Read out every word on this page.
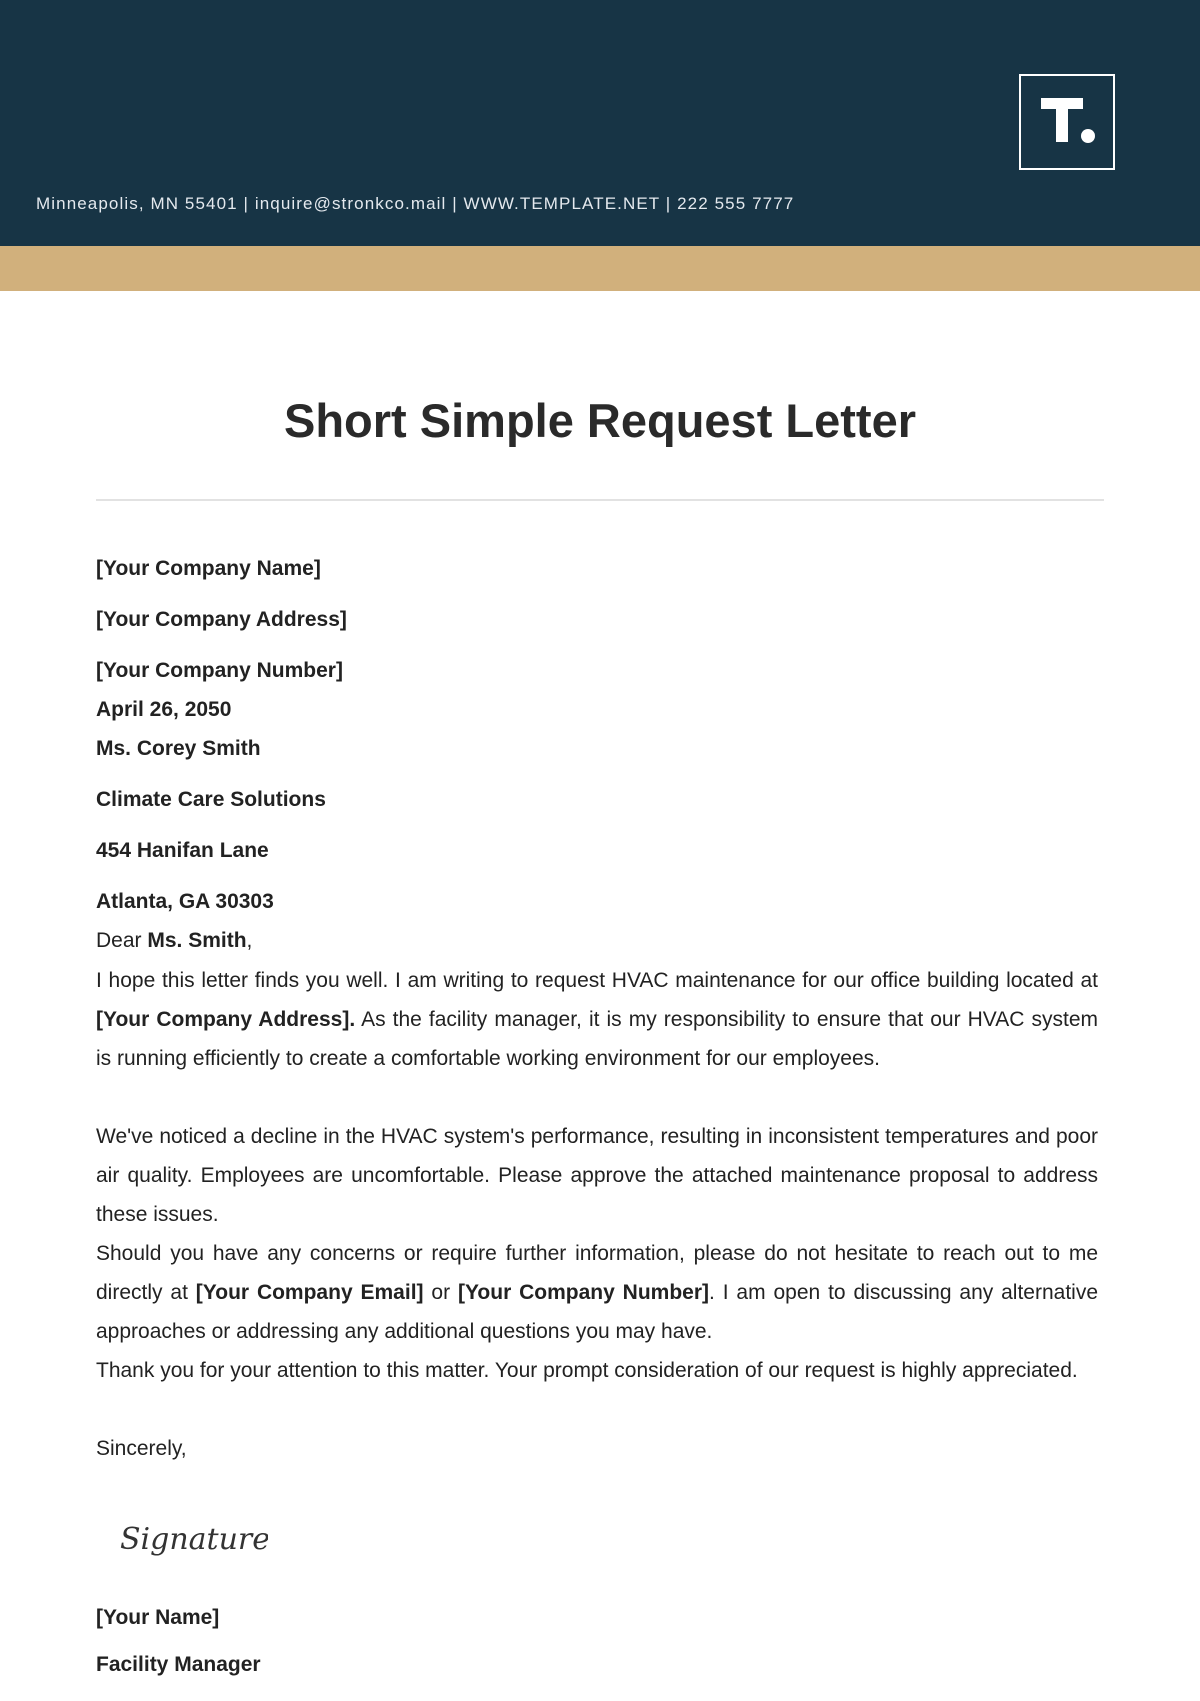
Minneapolis, MN 55401 | inquire@stronkco.mail | WWW.TEMPLATE.NET | 222 555 7777
Short Simple Request Letter
[Your Company Name]
[Your Company Address]
[Your Company Number]
April 26, 2050
Ms. Corey Smith
Climate Care Solutions
454 Hanifan Lane
Atlanta, GA 30303
Dear Ms. Smith,

I hope this letter finds you well. I am writing to request HVAC maintenance for our office building located at [Your Company Address]. As the facility manager, it is my responsibility to ensure that our HVAC system is running efficiently to create a comfortable working environment for our employees.

We've noticed a decline in the HVAC system's performance, resulting in inconsistent temperatures and poor air quality. Employees are uncomfortable. Please approve the attached maintenance proposal to address these issues.

Should you have any concerns or require further information, please do not hesitate to reach out to me directly at [Your Company Email] or [Your Company Number]. I am open to discussing any alternative approaches or addressing any additional questions you may have.

Thank you for your attention to this matter. Your prompt consideration of our request is highly appreciated.

Sincerely,
Signature
[Your Name]
Facility Manager
